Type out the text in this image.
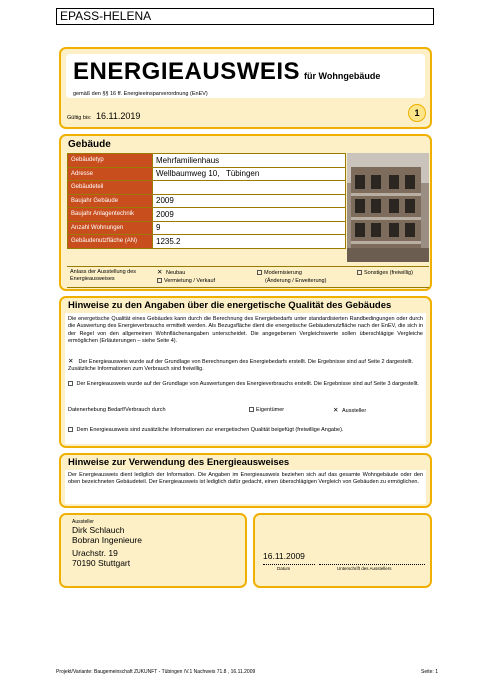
EPASS-HELENA
ENERGIEAUSWEIS für Wohngebäude
gemäß den §§ 16 ff. Energieeinsparverordnung (EnEV)
Gültig bis: 16.11.2019	1
Gebäude
Gebäudetyp	Mehrfamilienhaus
Adresse	Wellbaumweg 10,   Tübingen
Gebäudeteil	
Baujahr Gebäude	2009
Baujahr Anlagentechnik	2009
Anzahl Wohnungen	9
Gebäudenutzfläche (AN)	1235.2
Anlass der Ausstellung des Energieausweises
✕ Neubau
Vermietung / Verkauf
Modernisierung
(Änderung / Erweiterung)
Sonstiges (freiwillig)
Hinweise zu den Angaben über die energetische Qualität des Gebäudes
Die energetische Qualität eines Gebäudes kann durch die Berechnung des Energiebedarfs unter standardisierten Randbedingungen oder durch die Auswertung des Energieverbrauchs ermittelt werden. Als Bezugsfläche dient die energetische Gebäudenutzfläche nach der EnEV, die sich in der Regel von den allgemeinen Wohnflächenangaben unterscheidet. Die angegebenen Vergleichswerte sollen überschlägige Vergleiche ermöglichen (Erläuterungen – siehe Seite 4).
✕ Der Energieausweis wurde auf der Grundlage von Berechnungen des Energiebedarfs erstellt. Die Ergebnisse sind auf Seite 2 dargestellt. Zusätzliche Informationen zum Verbrauch sind freiwillig.
Der Energieausweis wurde auf der Grundlage von Auswertungen des Energieverbrauchs erstellt. Die Ergebnisse sind auf Seite 3 dargestellt.
Datenerhebung Bedarf/Verbrauch durch	Eigentümer	✕ Aussteller
Dem Energieausweis sind zusätzliche Informationen zur energetischen Qualität beigefügt (freiwillige Angabe).
Hinweise zur Verwendung des Energieausweises
Der Energieausweis dient lediglich der Information. Die Angaben im Energieausweis beziehen sich auf das gesamte Wohngebäude oder den oben bezeichneten Gebäudeteil. Der Energieausweis ist lediglich dafür gedacht, einen überschlägigen Vergleich von Gebäuden zu ermöglichen.
Aussteller
Dirk Schlauch
Bobran Ingenieure
Urachstr. 19
70190 Stuttgart
16.11.2009
Datum	Unterschrift des Ausstellers
Projekt/Variante: Baugemeinschaft ZUKUNFT - Tübingen /V.1 Nachweis 71.8 , 16.11.2009	Seite: 1
